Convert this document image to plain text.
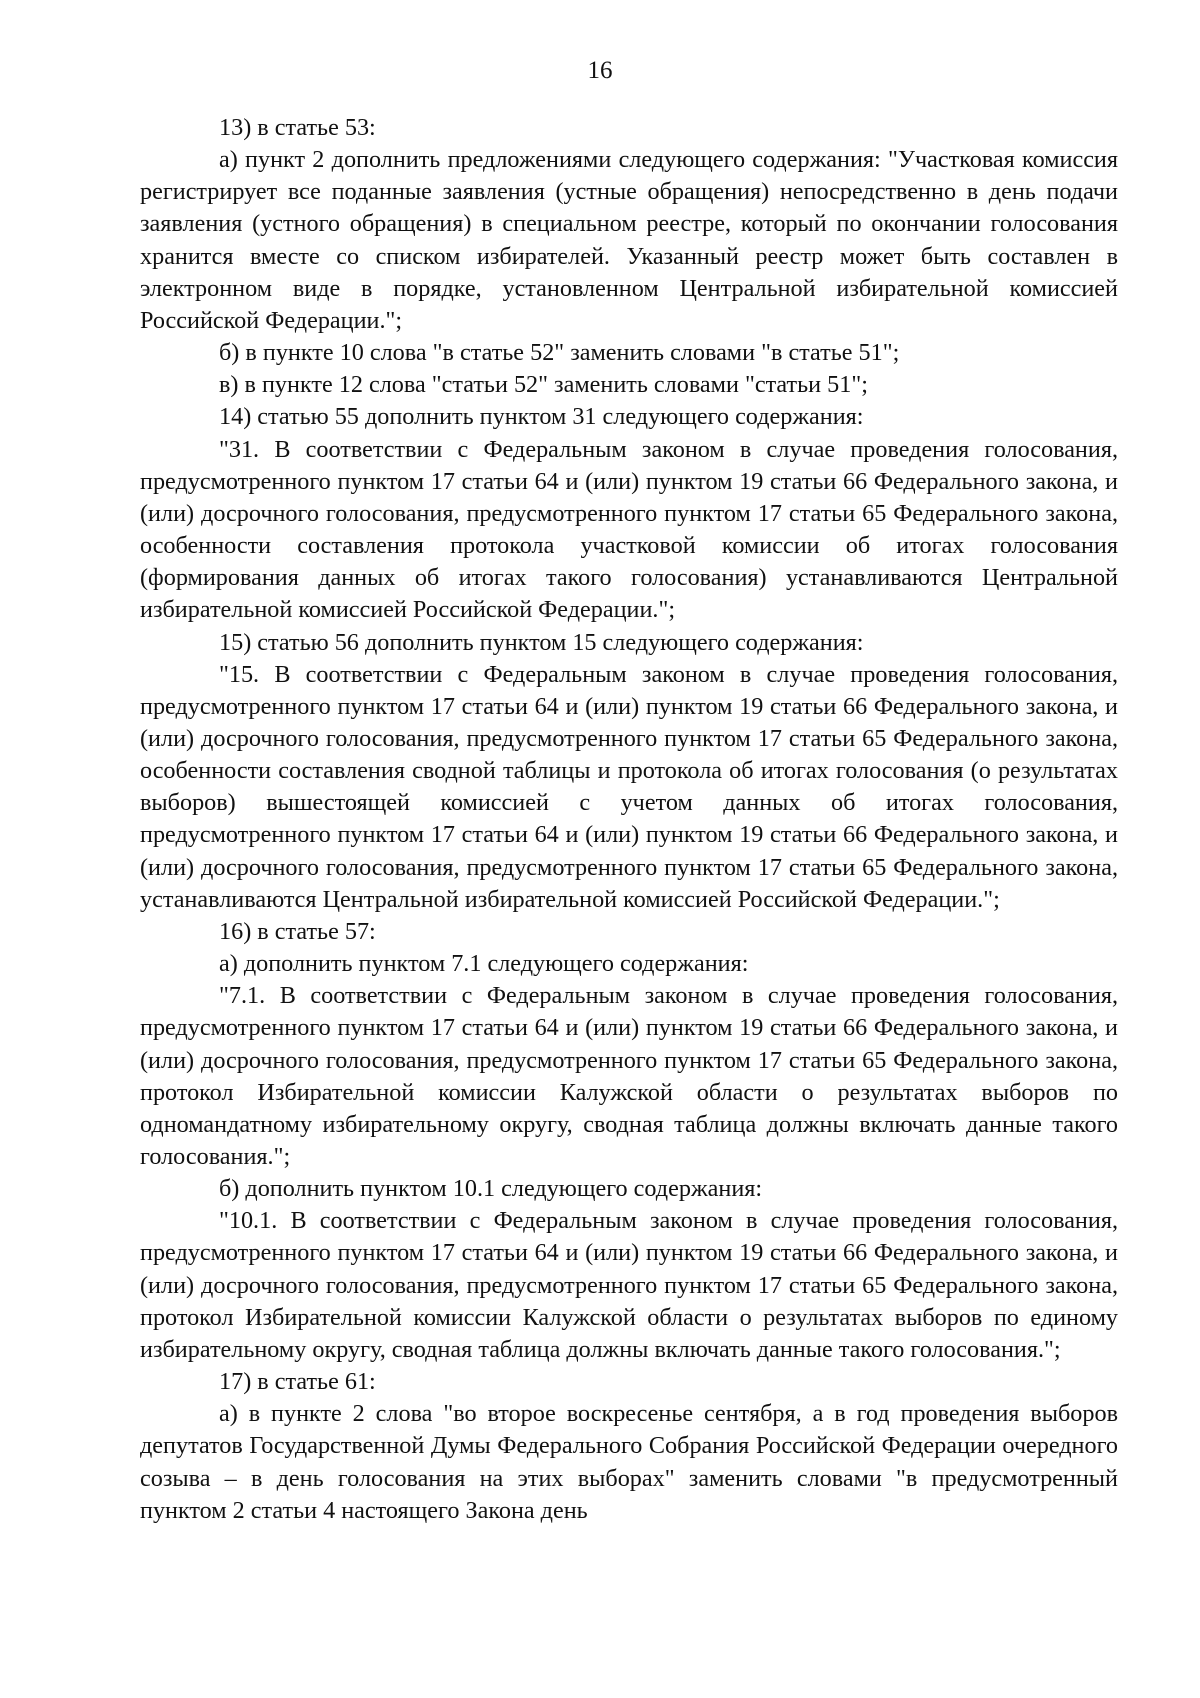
16

13) в статье 53:

а) пункт 2 дополнить предложениями следующего содержания: "Участковая комиссия регистрирует все поданные заявления (устные обращения) непосредственно в день подачи заявления (устного обращения) в специальном реестре, который по окончании голосования хранится вместе со списком избирателей. Указанный реестр может быть составлен в электронном виде в порядке, установленном Центральной избирательной комиссией Российской Федерации.";

б) в пункте 10 слова "в статье 52" заменить словами "в статье 51";

в) в пункте 12 слова "статьи 52" заменить словами "статьи 51";

14) статью 55 дополнить пунктом 31 следующего содержания:

"31. В соответствии с Федеральным законом в случае проведения голосования, предусмотренного пунктом 17 статьи 64 и (или) пунктом 19 статьи 66 Федерального закона, и (или) досрочного голосования, предусмотренного пунктом 17 статьи 65 Федерального закона, особенности составления протокола участковой комиссии об итогах голосования (формирования данных об итогах такого голосования) устанавливаются Центральной избирательной комиссией Российской Федерации.";

15) статью 56 дополнить пунктом 15 следующего содержания:

"15. В соответствии с Федеральным законом в случае проведения голосования, предусмотренного пунктом 17 статьи 64 и (или) пунктом 19 статьи 66 Федерального закона, и (или) досрочного голосования, предусмотренного пунктом 17 статьи 65 Федерального закона, особенности составления сводной таблицы и протокола об итогах голосования (о результатах выборов) вышестоящей комиссией с учетом данных об итогах голосования, предусмотренного пунктом 17 статьи 64 и (или) пунктом 19 статьи 66 Федерального закона, и (или) досрочного голосования, предусмотренного пунктом 17 статьи 65 Федерального закона, устанавливаются Центральной избирательной комиссией Российской Федерации.";

16) в статье 57:

а) дополнить пунктом 7.1 следующего содержания:

"7.1. В соответствии с Федеральным законом в случае проведения голосования, предусмотренного пунктом 17 статьи 64 и (или) пунктом 19 статьи 66 Федерального закона, и (или) досрочного голосования, предусмотренного пунктом 17 статьи 65 Федерального закона, протокол Избирательной комиссии Калужской области о результатах выборов по одномандатному избирательному округу, сводная таблица должны включать данные такого голосования.";

б) дополнить пунктом 10.1 следующего содержания:

"10.1. В соответствии с Федеральным законом в случае проведения голосования, предусмотренного пунктом 17 статьи 64 и (или) пунктом 19 статьи 66 Федерального закона, и (или) досрочного голосования, предусмотренного пунктом 17 статьи 65 Федерального закона, протокол Избирательной комиссии Калужской области о результатах выборов по единому избирательному округу, сводная таблица должны включать данные такого голосования.";

17) в статье 61:

а) в пункте 2 слова "во второе воскресенье сентября, а в год проведения выборов депутатов Государственной Думы Федерального Собрания Российской Федерации очередного созыва – в день голосования на этих выборах" заменить словами "в предусмотренный пунктом 2 статьи 4 настоящего Закона день
